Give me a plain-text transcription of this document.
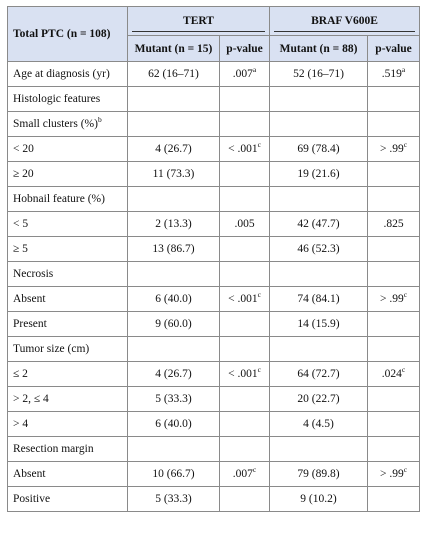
Total PTC (n = 108)	TERT		BRAF V600E	

	Mutant (n = 15)	p-value	Mutant (n = 88)	p-value
Age at diagnosis (yr)	62 (16–71)	.007$^a$	52 (16–71)	.519$^a$
Histologic features				
Small clusters (%)$^b$				
< 20	4 (26.7)	< .001$^c$	69 (78.4)	> .99$^c$
≥ 20	11 (73.3)		19 (21.6)	
Hobnail feature (%)				
< 5	2 (13.3)	.005	42 (47.7)	.825
≥ 5	13 (86.7)		46 (52.3)	
Necrosis				
Absent	6 (40.0)	< .001$^c$	74 (84.1)	> .99$^c$
Present	9 (60.0)		14 (15.9)	
Tumor size (cm)				
≤ 2	4 (26.7)	< .001$^c$	64 (72.7)	.024$^c$
> 2, ≤ 4	5 (33.3)		20 (22.7)	
> 4	6 (40.0)		4 (4.5)	
Resection margin				
Absent	10 (66.7)	.007$^c$	79 (89.8)	> .99$^c$
Positive	5 (33.3)		9 (10.2)	
